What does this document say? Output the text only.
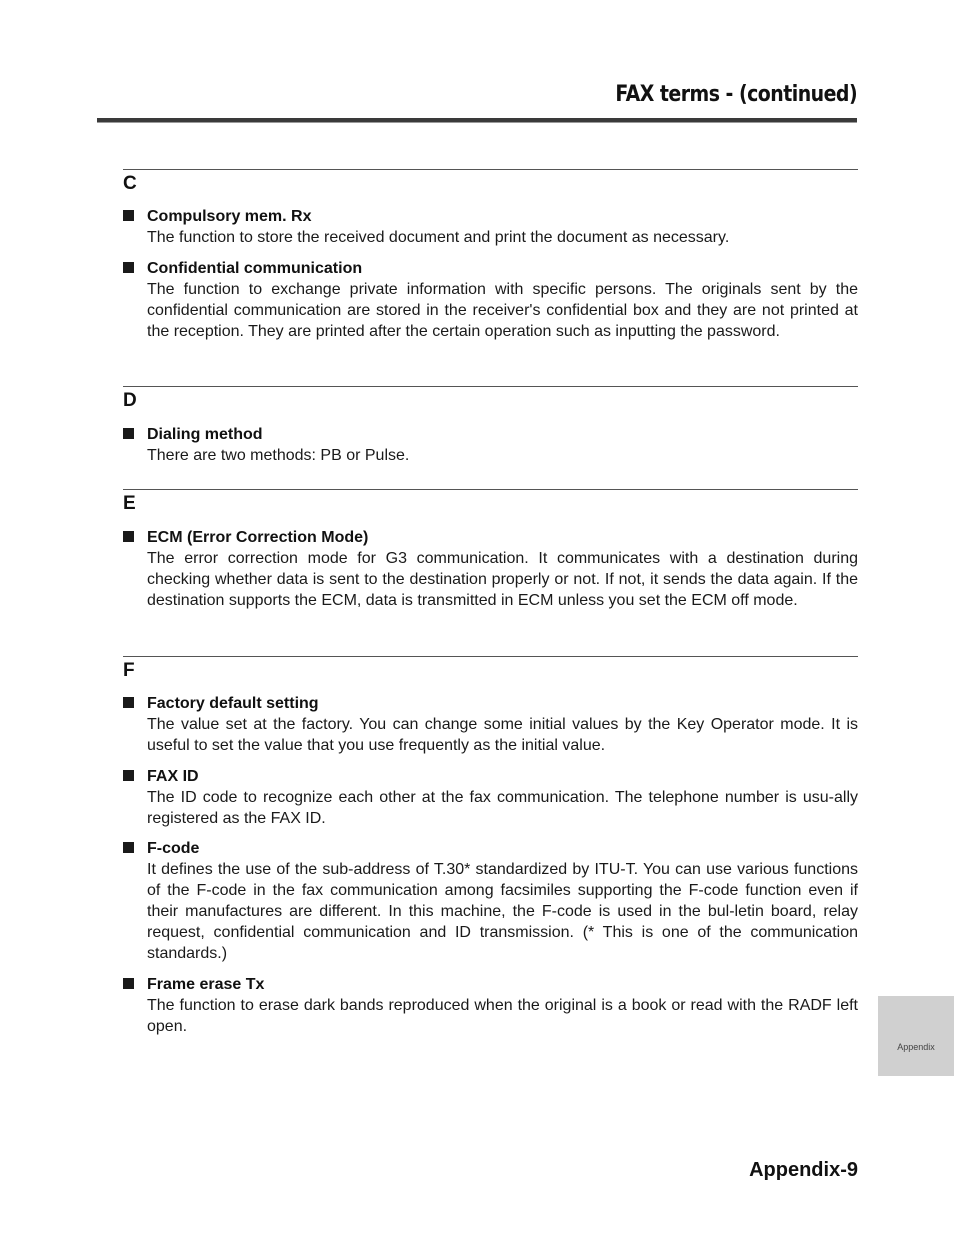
FAX terms - (continued)
C
Compulsory mem. Rx
The function to store the received document and print the document as necessary.
Confidential communication
The function to exchange private information with specific persons. The originals sent by the confidential communication are stored in the receiver's confidential box and they are not printed at the reception. They are printed after the certain operation such as inputting the password.
D
Dialing method
There are two methods: PB or Pulse.
E
ECM (Error Correction Mode)
The error correction mode for G3 communication. It communicates with a destination during checking whether data is sent to the destination properly or not. If not, it sends the data again. If the destination supports the ECM, data is transmitted in ECM unless you set the ECM off mode.
F
Factory default setting
The value set at the factory. You can change some initial values by the Key Operator mode. It is useful to set the value that you use frequently as the initial value.
FAX ID
The ID code to recognize each other at the fax communication. The telephone number is usu-ally registered as the FAX ID.
F-code
It defines the use of the sub-address of T.30* standardized by ITU-T. You can use various functions of the F-code in the fax communication among facsimiles supporting the F-code function even if their manufactures are different. In this machine, the F-code is used in the bul-letin board, relay request, confidential communication and ID transmission. (* This is one of the communication standards.)
Frame erase Tx
The function to erase dark bands reproduced when the original is a book or read with the RADF left open.
Appendix
Appendix-9
